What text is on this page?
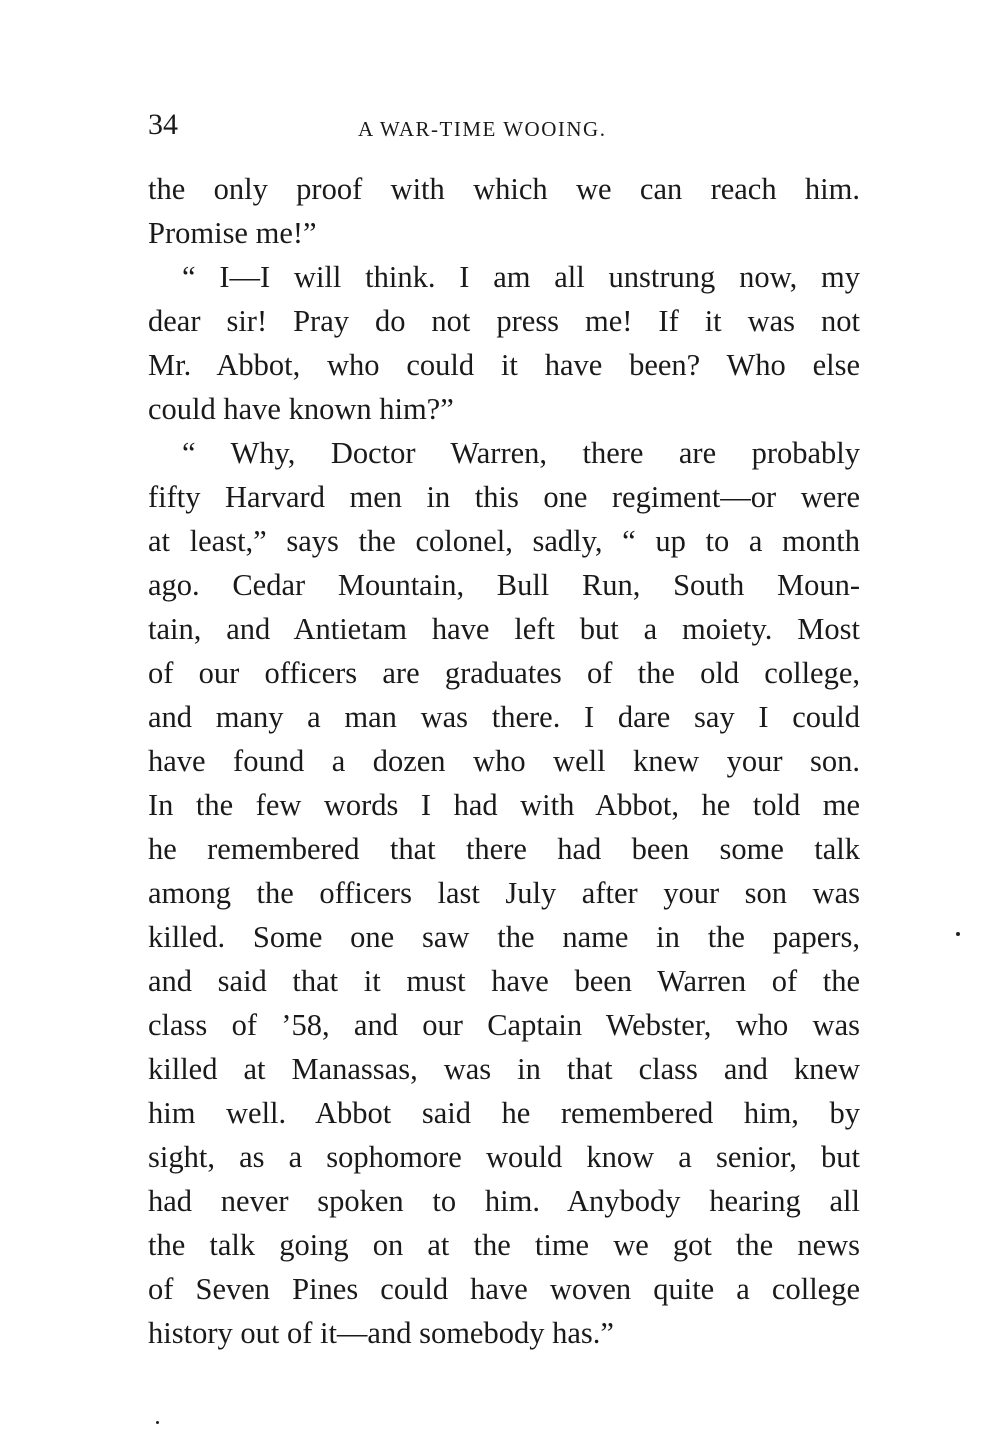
34	A WAR-TIME WOOING.
the only proof with which we can reach him.
Promise me!”
“ I—I will think. I am all unstrung now, my
dear sir! Pray do not press me! If it was not
Mr. Abbot, who could it have been? Who else
could have known him?”
“ Why, Doctor Warren, there are probably
fifty Harvard men in this one regiment—or were
at least,” says the colonel, sadly, “ up to a month
ago. Cedar Mountain, Bull Run, South Moun-
tain, and Antietam have left but a moiety. Most
of our officers are graduates of the old college,
and many a man was there. I dare say I could
have found a dozen who well knew your son.
In the few words I had with Abbot, he told me
he remembered that there had been some talk
among the officers last July after your son was
killed. Some one saw the name in the papers,
and said that it must have been Warren of the
class of ’58, and our Captain Webster, who was
killed at Manassas, was in that class and knew
him well. Abbot said he remembered him, by
sight, as a sophomore would know a senior, but
had never spoken to him. Anybody hearing all
the talk going on at the time we got the news
of Seven Pines could have woven quite a college
history out of it—and somebody has.”
